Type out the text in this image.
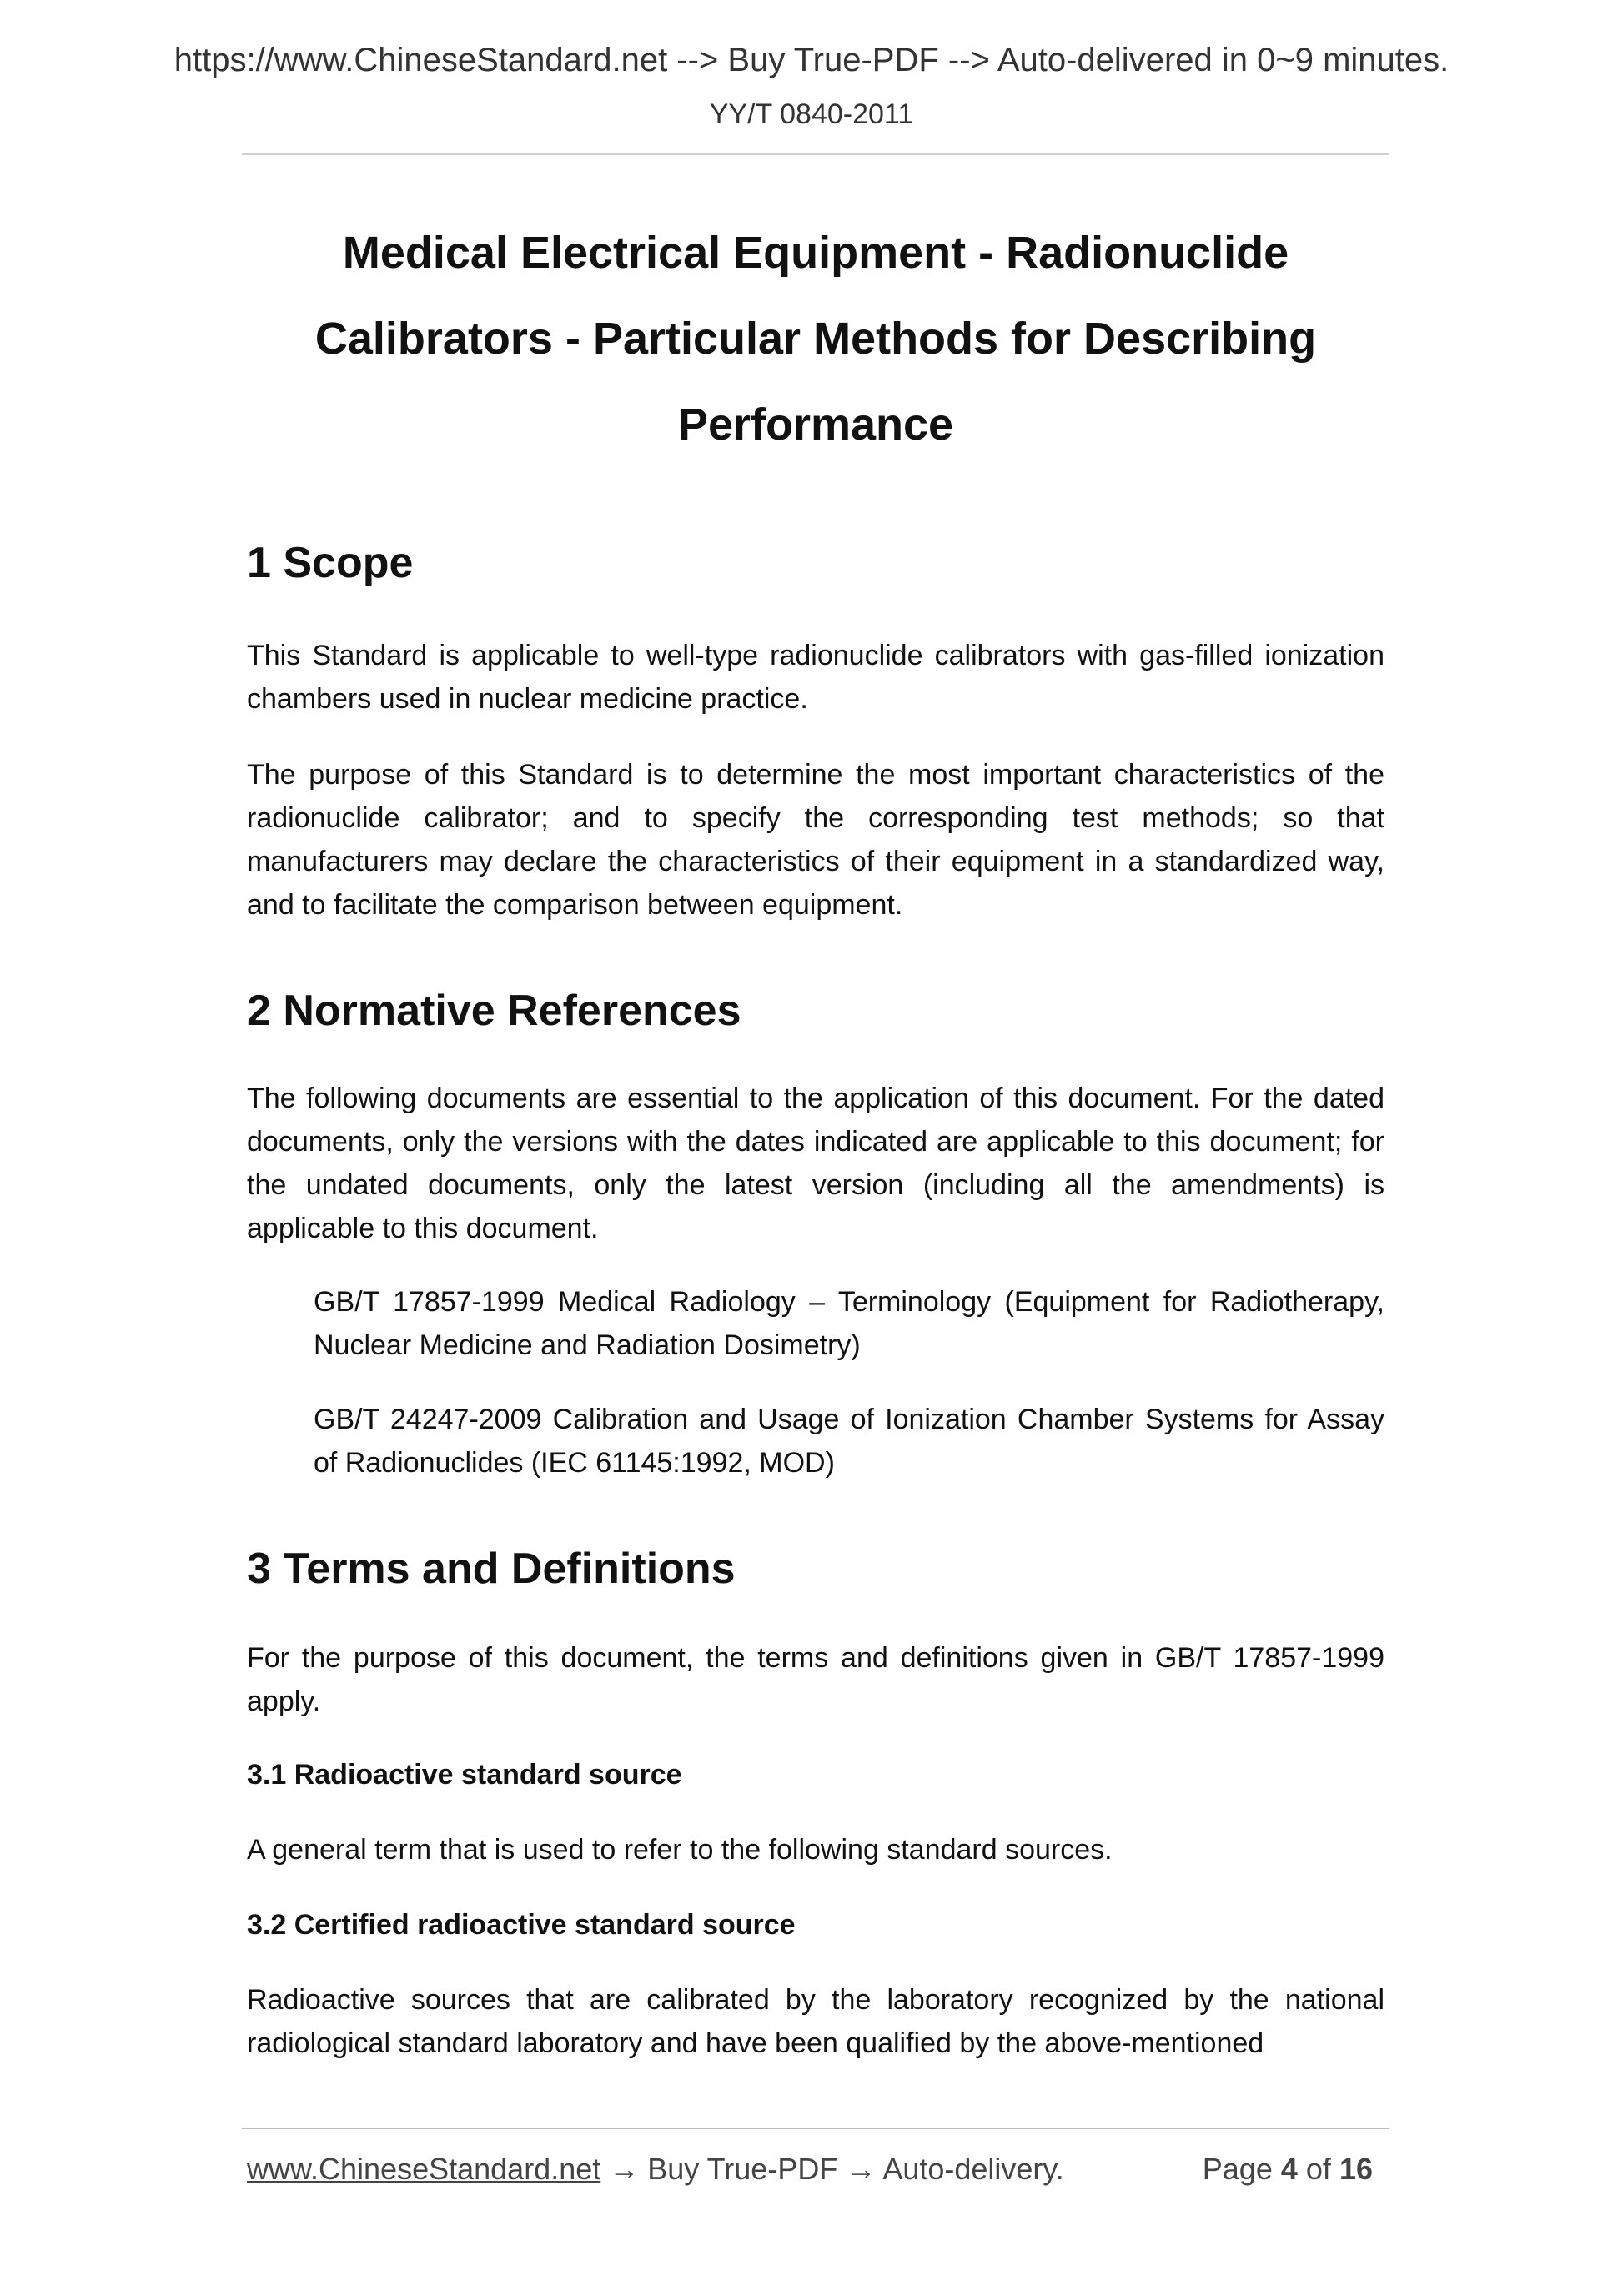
https://www.ChineseStandard.net --> Buy True-PDF --> Auto-delivered in 0~9 minutes.
YY/T 0840-2011
Medical Electrical Equipment - Radionuclide
Calibrators - Particular Methods for Describing
Performance
1 Scope

This Standard is applicable to well-type radionuclide calibrators with gas-filled ionization chambers used in nuclear medicine practice.

The purpose of this Standard is to determine the most important characteristics of the radionuclide calibrator; and to specify the corresponding test methods; so that manufacturers may declare the characteristics of their equipment in a standardized way, and to facilitate the comparison between equipment.

2 Normative References

The following documents are essential to the application of this document. For the dated documents, only the versions with the dates indicated are applicable to this document; for the undated documents, only the latest version (including all the amendments) is applicable to this document.

GB/T 17857-1999 Medical Radiology – Terminology (Equipment for Radiotherapy, Nuclear Medicine and Radiation Dosimetry)

GB/T 24247-2009 Calibration and Usage of Ionization Chamber Systems for Assay of Radionuclides (IEC 61145:1992, MOD)

3 Terms and Definitions

For the purpose of this document, the terms and definitions given in GB/T 17857-1999 apply.

3.1 Radioactive standard source

A general term that is used to refer to the following standard sources.

3.2 Certified radioactive standard source

Radioactive sources that are calibrated by the laboratory recognized by the national radiological standard laboratory and have been qualified by the above-mentioned

www.ChineseStandard.net → Buy True-PDF → Auto-delivery.	Page 4 of 16
